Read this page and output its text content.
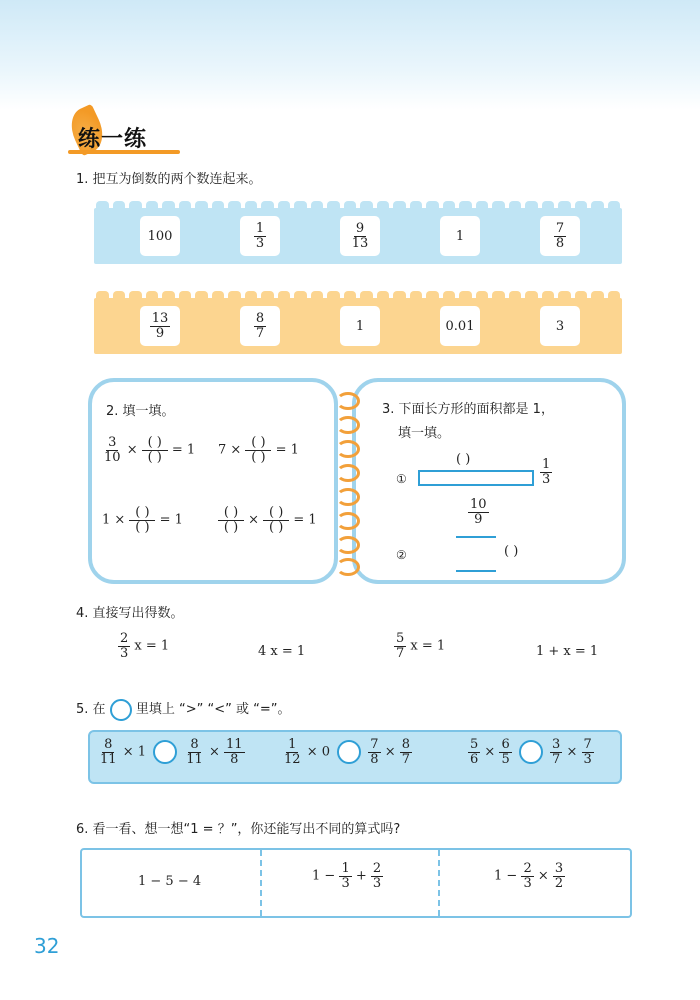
练一练
1. 把互为倒数的两个数连起来。
100	$\frac{1}{3}$	$\frac{9}{13}$	1	$\frac{7}{8}$
$\frac{13}{9}$	$\frac{8}{7}$	1	0.01	3
2. 填一填。
$\frac{3}{10} \times \frac{( )}{( )} = 1$ $7 \times \frac{( )}{( )} = 1$
$1 \times \frac{( )}{( )} = 1$	$\frac{( )}{( )} \times \frac{( )}{( )} = 1$
3. 下面长方形的面积都是 1，
填一填。
①
( )	$\frac{1}{3}$
$\frac{10}{9}$
②	( )
4. 直接写出得数。
$\frac{2}{3}$ x = 1	4 x = 1	$\frac{5}{7}$ x = 1	1 + x = 1
5. 在 里填上 “>” “<” 或 “=”。
$\frac{8}{11} \times 1$	$\frac{8}{11} \times \frac{11}{8}$	$\frac{1}{12} \times 0$	$\frac{7}{8} \times \frac{8}{7}$	$\frac{5}{6} \times \frac{6}{5}$
	$\frac{3}{7} \times \frac{7}{3}$
6. 看一看、想一想“1 = ？”，你还能写出不同的算式吗?
1 − 5 − 4	$1 - \frac{1}{3} + \frac{2}{3}$	$1 - \frac{2}{3} \times \frac{3}{2}$
32
